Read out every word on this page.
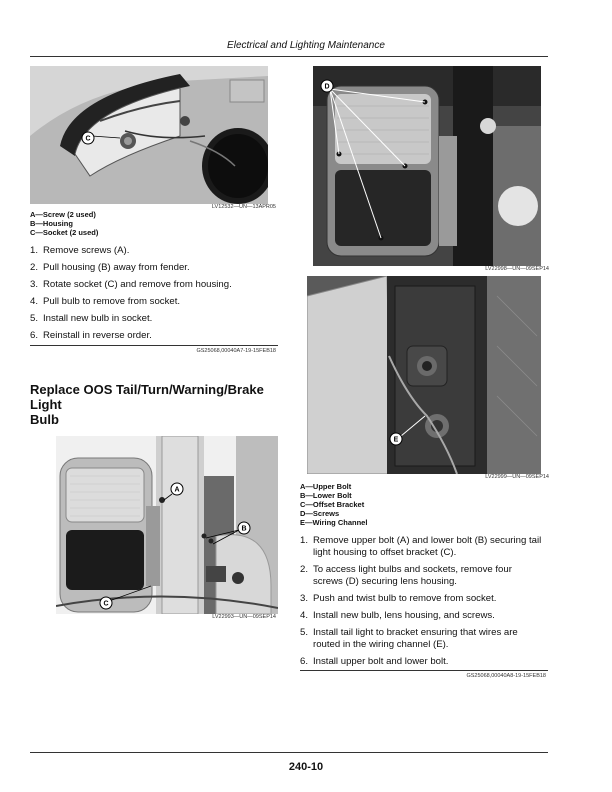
Electrical and Lighting Maintenance
C
LV12532—UN—13APR05
A—Screw (2 used)
B—Housing
C—Socket (2 used)
1. Remove screws (A).
2. Pull housing (B) away from fender.
3. Rotate socket (C) and remove from housing.
4. Pull bulb to remove from socket.
5. Install new bulb in socket.
6. Reinstall in reverse order.
GS25068,00040A7-19-15FEB18
Replace OOS Tail/Turn/Warning/Brake Light
Bulb
A
B
C
LV22993—UN—09SEP14
D
LV22998—UN—09SEP14
E
LV22999—UN—09SEP14
A—Upper Bolt
B—Lower Bolt
C—Offset Bracket
D—Screws
E—Wiring Channel
1. Remove upper bolt (A) and lower bolt (B) securing tail
light housing to offset bracket (C).
2. To access light bulbs and sockets, remove four
screws (D) securing lens housing.
3. Push and twist bulb to remove from socket.
4. Install new bulb, lens housing, and screws.
5. Install tail light to bracket ensuring that wires are
routed in the wiring channel (E).
6. Install upper bolt and lower bolt.
GS25068,00040A8-19-15FEB18
240-10
